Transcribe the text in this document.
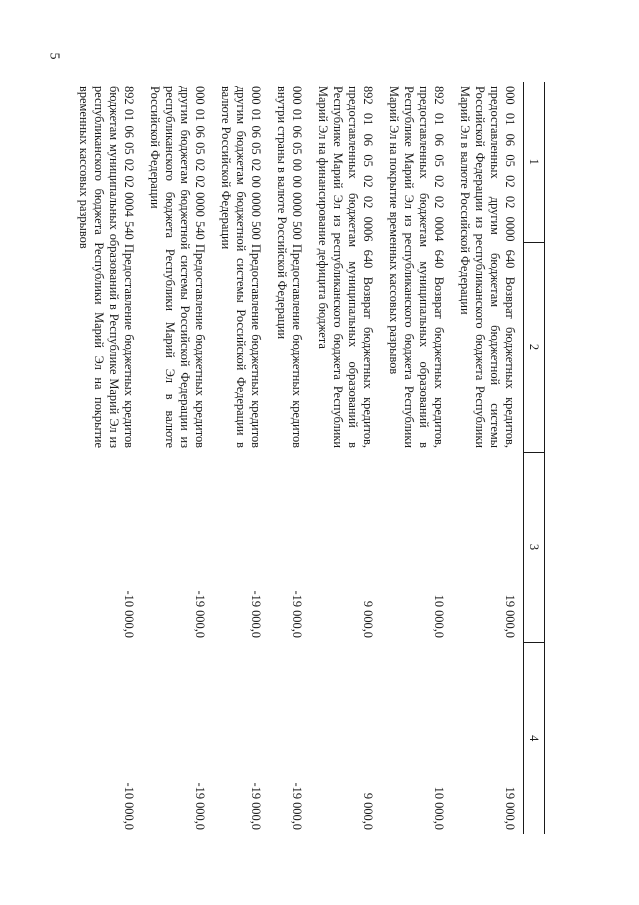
5
1	2	3	4
000 01 06 05 02 02 0000 640 Возврат бюджетных кредитов, предоставленных другим бюджетам бюджетной системы Российской Федерации из республиканского бюджета Республики Марий Эл в валюте Российской Федерации		19 000,0	19 000,0
892 01 06 05 02 02 0004 640 Возврат бюджетных кредитов, предоставленных бюджетам муниципальных образований в Республике Марий Эл из республиканского бюджета Республики Марий Эл на покрытие временных кассовых разрывов		10 000,0	10 000,0
892 01 06 05 02 02 0006 640 Возврат бюджетных кредитов, предоставленных бюджетам муниципальных образований в Республике Марий Эл из республиканского бюджета Республики Марий Эл на финансирование дефицита бюджета		9 000,0	9 000,0
000 01 06 05 00 00 0000 500 Предоставление бюджетных кредитов внутри страны в валюте Российской Федерации		-19 000,0	-19 000,0
000 01 06 05 02 00 0000 500 Предоставление бюджетных кредитов другим бюджетам бюджетной системы Российской Федерации в валюте Российской Федерации		-19 000,0	-19 000,0
000 01 06 05 02 02 0000 540 Предоставление бюджетных кредитов другим бюджетам бюджетной системы Российской Федерации из республиканского бюджета Республики Марий Эл в валюте Российской Федерации		-19 000,0	-19 000,0
892 01 06 05 02 02 0004 540 Предоставление бюджетных кредитов бюджетам муниципальных образований в Республике Марий Эл из республиканского бюджета Республики Марий Эл на покрытие временных кассовых разрывов		-10 000,0	-10 000,0
